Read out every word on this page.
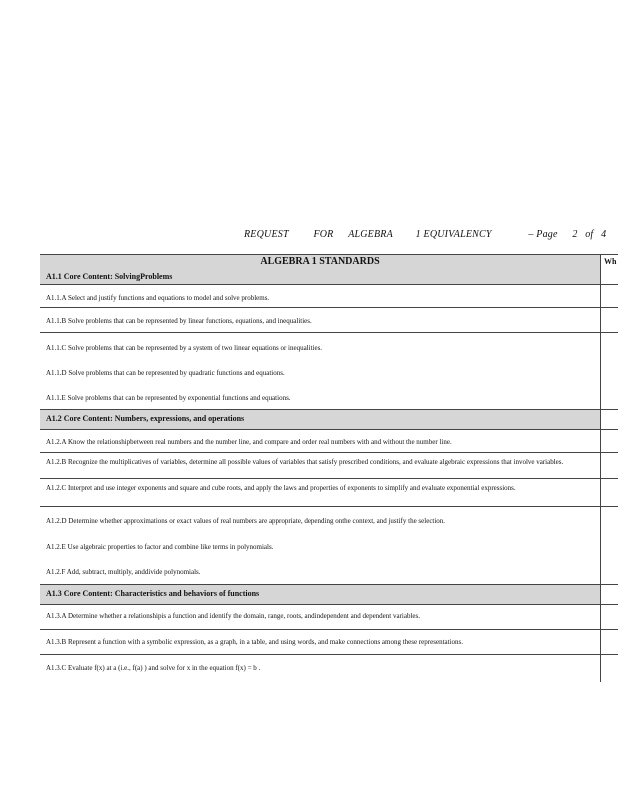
REQUEST FOR ALGEBRA 1 EQUIVALENCY	– Page 2 of 4
ALGEBRA 1 STANDARDS	Wh
A1.1 Core Content: SolvingProblems
A1.1.A Select and justify functions and equations to model and solve problems.
A1.1.B Solve problems that can be represented by linear functions, equations, and inequalities.
A1.1.C Solve problems that can be represented by a system of two linear equations or inequalities.
A1.1.D Solve problems that can be represented by quadratic functions and equations.
A1.1.E Solve problems that can be represented by exponential functions and equations.
A1.2 Core Content: Numbers, expressions, and operations
A1.2.A Know the relationshipbetween real numbers and the number line, and compare and order real numbers with and without the number line.
A1.2.B Recognize the multiplicatives of variables, determine all possible values of variables that satisfy prescribed conditions, and evaluate algebraic expressions that involve variables.
A1.2.C Interpret and use integer exponents and square and cube roots, and apply the laws and properties of exponents to simplify and evaluate exponential expressions.
A1.2.D Determine whether approximations or exact values of real numbers are appropriate, depending onthe context, and justify the selection.
A1.2.E Use algebraic properties to factor and combine like terms in polynomials.
A1.2.F Add, subtract, multiply, anddivide polynomials.
A1.3 Core Content: Characteristics and behaviors of functions
A1.3.A Determine whether a relationshipis a function and identify the domain, range, roots, andindependent and dependent variables.
A1.3.B Represent a function with a symbolic expression, as a graph, in a table, and using words, and make connections among these representations.
A1.3.C Evaluate f(x) at a (i.e., f(a) ) and solve for x in the equation f(x) = b .
